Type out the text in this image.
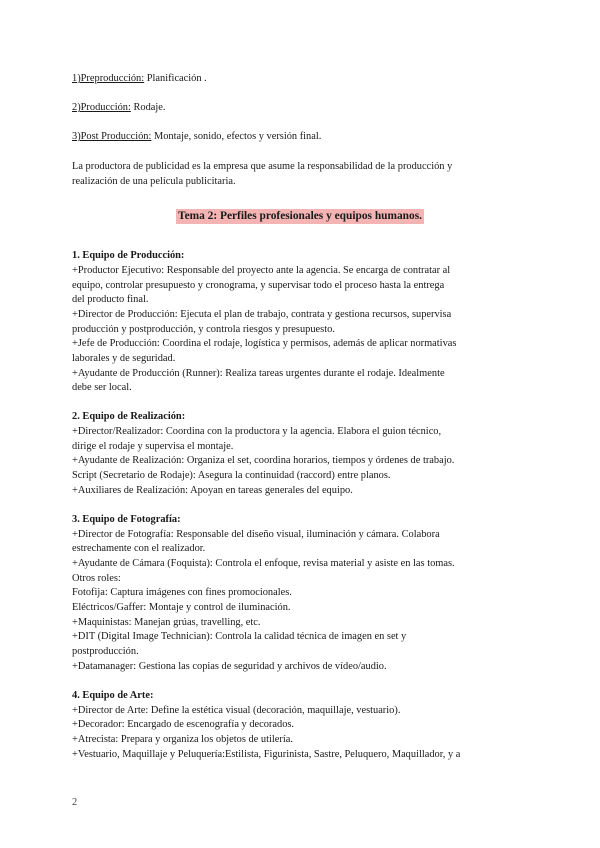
1)Preproducción: Planificación .
2)Producción: Rodaje.
3)Post Producción: Montaje, sonido, efectos y versión final.
La productora de publicidad es la empresa que asume la responsabilidad de la producción y
realización de una película publicitaria.
Tema 2: Perfiles profesionales y equipos humanos.
1. Equipo de Producción:
+Productor Ejecutivo: Responsable del proyecto ante la agencia. Se encarga de contratar al
equipo, controlar presupuesto y cronograma, y supervisar todo el proceso hasta la entrega
del producto final.
+Director de Producción: Ejecuta el plan de trabajo, contrata y gestiona recursos, supervisa
producción y postproducción, y controla riesgos y presupuesto.
+Jefe de Producción: Coordina el rodaje, logística y permisos, además de aplicar normativas
laborales y de seguridad.
+Ayudante de Producción (Runner): Realiza tareas urgentes durante el rodaje. Idealmente
debe ser local.
2. Equipo de Realización:
+Director/Realizador: Coordina con la productora y la agencia. Elabora el guion técnico,
dirige el rodaje y supervisa el montaje.
+Ayudante de Realización: Organiza el set, coordina horarios, tiempos y órdenes de trabajo.
Script (Secretario de Rodaje): Asegura la continuidad (raccord) entre planos.
+Auxiliares de Realización: Apoyan en tareas generales del equipo.
3. Equipo de Fotografía:
+Director de Fotografía: Responsable del diseño visual, iluminación y cámara. Colabora
estrechamente con el realizador.
+Ayudante de Cámara (Foquista): Controla el enfoque, revisa material y asiste en las tomas.
Otros roles:
Fotofija: Captura imágenes con fines promocionales.
Eléctricos/Gaffer: Montaje y control de iluminación.
+Maquinistas: Manejan grúas, travelling, etc.
+DIT (Digital Image Technician): Controla la calidad técnica de imagen en set y
postproducción.
+Datamanager: Gestiona las copias de seguridad y archivos de vídeo/audio.
4. Equipo de Arte:
+Director de Arte: Define la estética visual (decoración, maquillaje, vestuario).
+Decorador: Encargado de escenografía y decorados.
+Atrecista: Prepara y organiza los objetos de utilería.
+Vestuario, Maquillaje y Peluquería:Estilista, Figurinista, Sastre, Peluquero, Maquillador, y a
2
